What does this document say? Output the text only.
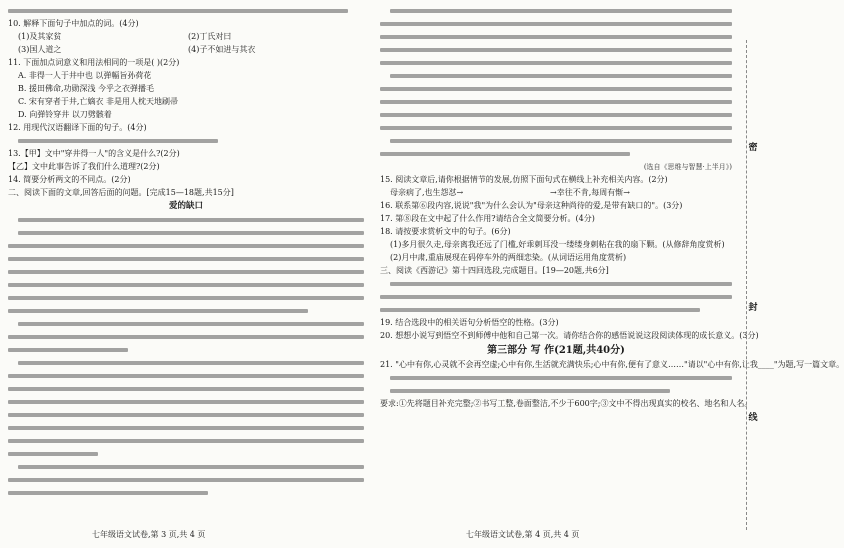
10. 解释下面句子中加点的词。(4分)
(1)及其家贫	(2)丁氏对曰
(3)国人道之	(4)子不如进与其衣
11. 下面加点词意义和用法相同的一项是( )(2分)
A. 非得一人于井中也 以弹幅旨孙荷花
B. 援田佛命,功勋深浅 今乎之衣弹播毛
C. 宋有穿者于井,亡嫡衣 非是用人枕天地刷帚
D. 向弹铃穿井 以刀劈骸着
12. 用现代汉语翻译下面的句子。(4分)
13.【甲】文中"穿井得一人"的含义是什么?(2分)
【乙】文中此事告诉了我们什么道理?(2分)
14. 简要分析两文的不同点。(2分)
二、阅读下面的文章,回答后面的问题。[完成15—18题,共15分]
爱的缺口
(选自《思维与智慧·上半月》)
15. 阅读文章后,请你根据情节的发展,仿照下面句式在横线上补充相关内容。(2分)
母亲病了,也生怨怼→	→幸往不肯,每周有惭→
16. 联系第⑥段内容,说说"我"为什么会认为"母亲这种尚待的爱,是带有缺口的"。(3分)
17. 第⑧段在文中起了什么作用?请结合全文简要分析。(4分)
18. 请按要求赏析文中的句子。(6分)
(1)多月很久走,母亲离我还远了门槛,好乖刺耳没一缕缕身刺粘在我的扇下颗。(从修辞角度赏析)
(2)月中肃,重庙展现在码停车外的两细恋染。(从词语运用角度赏析)
三、阅读《西游记》第十四回选段,完成题目。[19—20题,共6分]
19. 结合选段中的相关语句分析悟空的性格。(3分)
20. 想想小说写到悟空不到师傅中他和自己第一次。请你结合你的感悟说说这段阅读体现的成长意义。(3分)
第三部分 写 作(21题,共40分)
21. "心中有你,心灵就不会再空虚;心中有你,生活就充满快乐;心中有你,便有了意义……"请以"心中有你,让我____"为题,写一篇文章。
要求:①先将题目补充完整;②书写工整,卷面整洁,不少于600字;③文中不得出现真实的校名、地名和人名。
七年级语文试卷,第 3 页,共 4 页	七年级语文试卷,第 4 页,共 4 页
密
封
线
